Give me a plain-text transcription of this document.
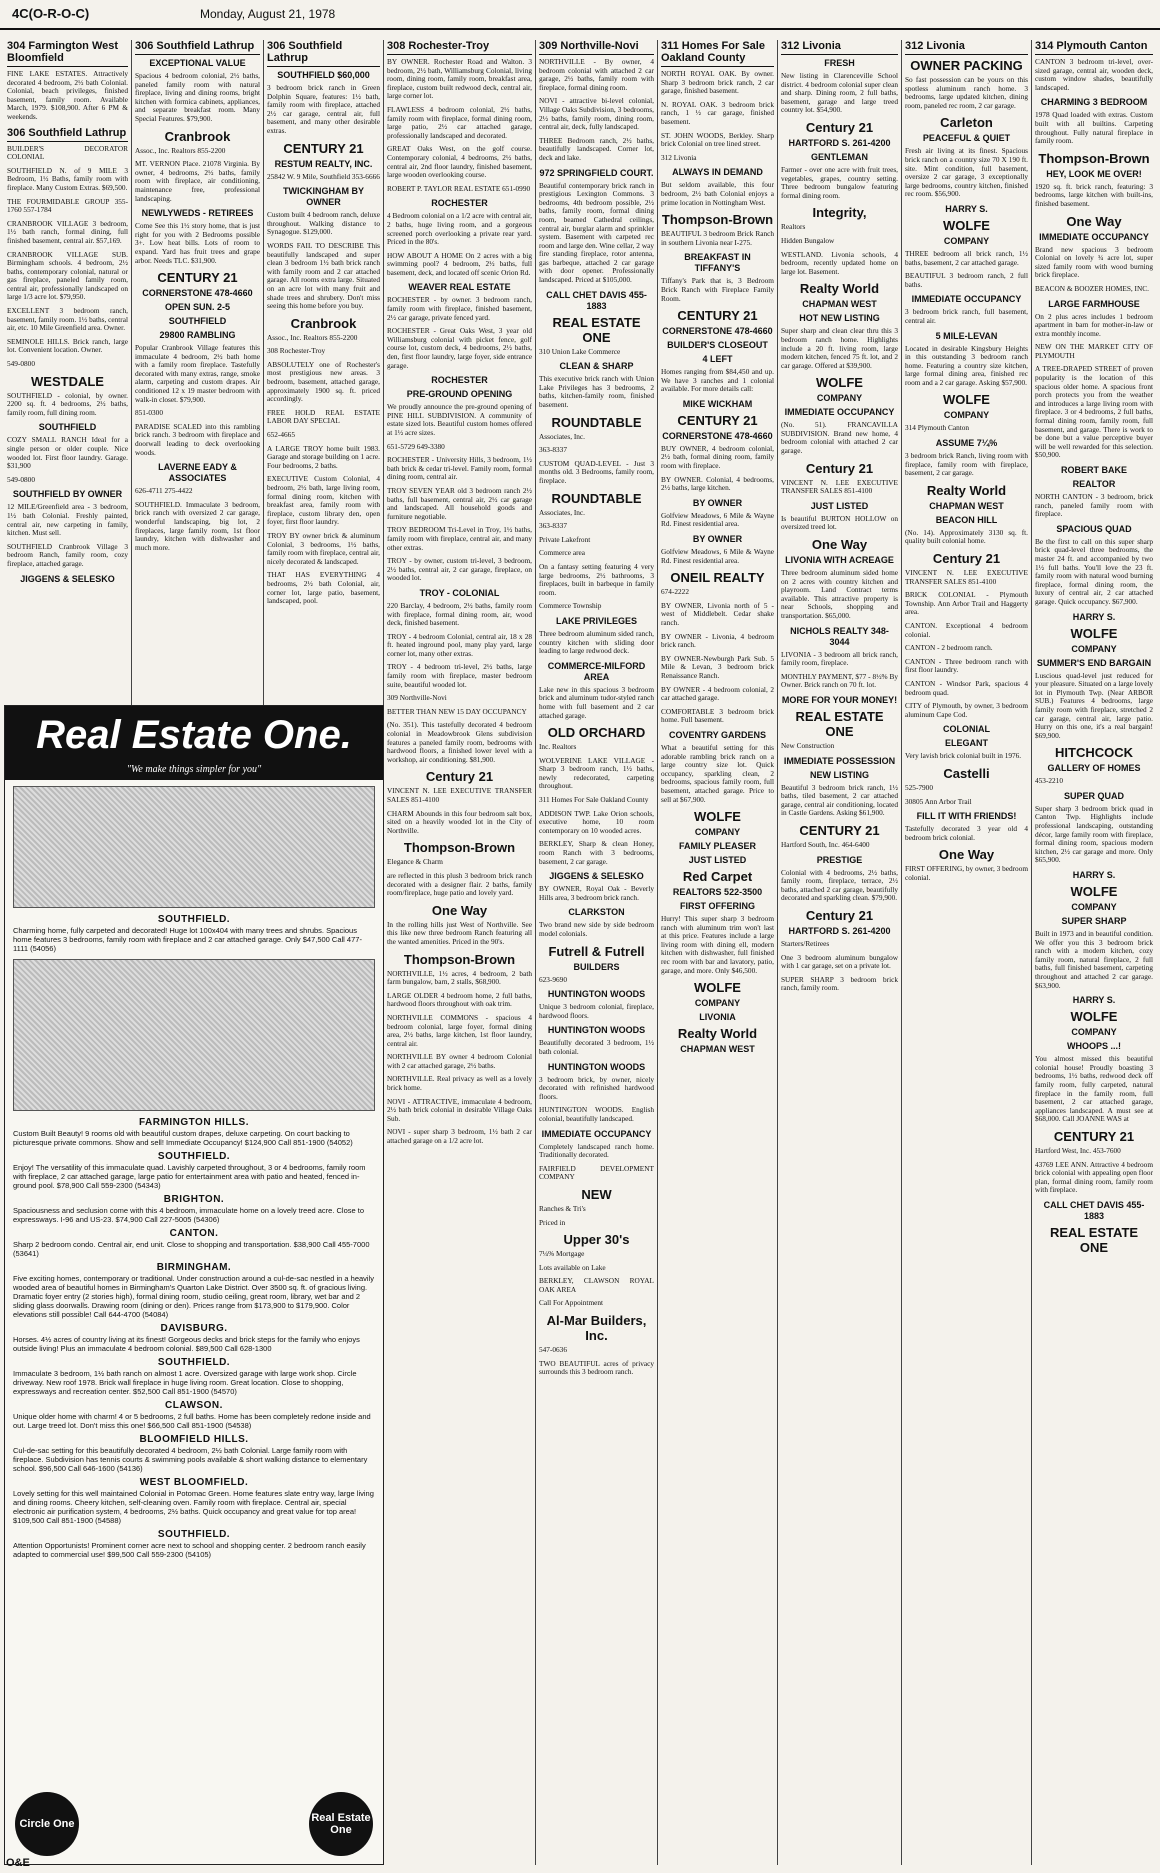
4C(O-R-O-C)	Monday, August 21, 1978
304 Farmington West Bloomfield

FINE LAKE ESTATES. Attractively decorated 4 bedroom, 2½ bath Colonial. Colonial, beach privileges, finished basement, family room. Available March, 1979. $108,900. After 6 PM & weekends.

306 Southfield Lathrup

BUILDER'S DECORATOR COLONIAL

SOUTHFIELD N. of 9 MILE 3 Bedroom, 1½ Baths, family room with fireplace. Many Custom Extras. $69,500.

THE FOURMIDABLE GROUP 355-1760 557-1784

CRANBROOK VILLAGE 3 bedroom, 1½ bath ranch, formal dining, full finished basement, central air. $57,169.

CRANBROOK VILLAGE SUB. Birmingham schools. 4 bedroom, 2½ baths, contemporary colonial, natural or gas fireplace, paneled family room, central air, professionally landscaped on large 1/3 acre lot. $79,950.

EXCELLENT 3 bedroom ranch, basement, family room. 1½ baths, central air, etc. 10 Mile Greenfield area. Owner.

SEMINOLE HILLS. Brick ranch, large lot. Convenient location. Owner.

549-0800

WESTDALE

SOUTHFIELD - colonial, by owner. 2200 sq. ft. 4 bedrooms, 2½ baths, family room, full dining room.

SOUTHFIELD

COZY SMALL RANCH Ideal for a single person or older couple. Nice wooded lot. First floor laundry. Garage. $31,900

549-0800

SOUTHFIELD BY OWNER

12 MILE/Greenfield area - 3 bedroom, 1½ bath Colonial. Freshly painted, central air, new carpeting in family, kitchen. Must sell.

SOUTHFIELD Cranbrook Village 3 bedroom Ranch, family room, cozy fireplace, attached garage.

JIGGENS & SELESKO

306 Southfield Lathrup

EXCEPTIONAL VALUE

Spacious 4 bedroom colonial, 2½ baths, paneled family room with natural fireplace, living and dining rooms, bright kitchen with formica cabinets, appliances, and separate breakfast room. Many Special Features. $79,900.

Cranbrook

Assoc., Inc. Realtors 855-2200

MT. VERNON Place. 21078 Virginia. By owner, 4 bedrooms, 2½ baths, family room with fireplace, air conditioning, maintenance free, professional landscaping.

NEWLYWEDS - RETIREES

Come See this 1½ story home, that is just right for you with 2 Bedrooms possible 3+. Low heat bills. Lots of room to expand. Yard has fruit trees and grape arbor. Needs TLC. $31,900.

CENTURY 21

CORNERSTONE 478-4660

OPEN SUN. 2-5

SOUTHFIELD

29800 RAMBLING

Popular Cranbrook Village features this immaculate 4 bedroom, 2½ bath home with a family room fireplace. Tastefully decorated with many extras, range, smoke alarm, carpeting and custom drapes. Air conditioned 12 x 19 master bedroom with walk-in closet. $79,900.

851-0300

PARADISE SCALED into this rambling brick ranch. 3 bedroom with fireplace and doorwall leading to deck overlooking woods.

LAVERNE EADY & ASSOCIATES

626-4711 275-4422

SOUTHFIELD. Immaculate 3 bedroom, brick ranch with oversized 2 car garage, wonderful landscaping, big lot, 2 fireplaces, large family room, 1st floor laundry, kitchen with dishwasher and much more.

306 Southfield Lathrup

SOUTHFIELD $60,000

3 bedroom brick ranch in Green Dolphin Square, features: 1½ bath, family room with fireplace, attached 2½ car garage, central air, full basement, and many other desirable extras.

CENTURY 21

RESTUM REALTY, INC.

25842 W. 9 Mile, Southfield 353-6666

TWICKINGHAM BY OWNER

Custom built 4 bedroom ranch, deluxe throughout. Walking distance to Synagogue. $129,000.

WORDS FAIL TO DESCRIBE This beautifully landscaped and super clean 3 bedroom 1½ bath brick ranch with family room and 2 car attached garage. All rooms extra large. Situated on an acre lot with many fruit and shade trees and shrubery. Don't miss seeing this home before you buy.

Cranbrook

Assoc., Inc. Realtors 855-2200

308 Rochester-Troy

ABSOLUTELY one of Rochester's most prestigious new areas. 3 bedroom, basement, attached garage, approximately 1900 sq. ft. priced accordingly.

FREE HOLD REAL ESTATE LABOR DAY SPECIAL

652-4665

A LARGE TROY home built 1983. Garage and storage building on 1 acre. Four bedrooms, 2 baths.

EXECUTIVE Custom Colonial, 4 bedroom, 2½ bath, large living room, formal dining room, kitchen with breakfast area, family room with fireplace, custom library den, open foyer, first floor laundry.

TROY BY owner brick & aluminum Colonial, 3 bedrooms, 1½ baths, family room with fireplace, central air, nicely decorated & landscaped.

THAT HAS EVERYTHING 4 bedrooms, 2½ bath Colonial, air, corner lot, large patio, basement, landscaped, pool.

308 Rochester-Troy

BY OWNER. Rochester Road and Walton. 3 bedroom, 2½ bath, Williamsburg Colonial, living room, dining room, family room, breakfast area, fireplace, custom built redwood deck, central air, large corner lot.

FLAWLESS 4 bedroom colonial, 2½ baths, family room with fireplace, formal dining room, large patio, 2½ car attached garage, professionally landscaped and decorated.

GREAT Oaks West, on the golf course. Contemporary colonial, 4 bedrooms, 2½ baths, central air, 2nd floor laundry, finished basement, large wooden overlooking course.

ROBERT P. TAYLOR REAL ESTATE 651-0990

ROCHESTER

4 Bedroom colonial on a 1/2 acre with central air, 2 baths, huge living room, and a gorgeous screened porch overlooking a private rear yard. Priced in the 80's.

HOW ABOUT A HOME On 2 acres with a big swimming pool? 4 bedroom, 2½ baths, full basement, deck, and located off scenic Orion Rd.

WEAVER REAL ESTATE

ROCHESTER - by owner. 3 bedroom ranch, family room with fireplace, finished basement, 2½ car garage, private fenced yard.

ROCHESTER - Great Oaks West, 3 year old Williamsburg colonial with picket fence, golf course lot, custom deck, 4 bedrooms, 2½ baths, den, first floor laundry, large foyer, side entrance garage.

ROCHESTER

PRE-GROUND OPENING

We proudly announce the pre-ground opening of PINE HILL SUBDIVISION. A community of estate sized lots. Beautiful custom homes offered at 1½ acre sizes.

651-5729 649-3380

ROCHESTER - University Hills, 3 bedroom, 1½ bath brick & cedar tri-level. Family room, formal dining room, central air.

TROY SEVEN YEAR old 3 bedroom ranch 2½ baths, full basement, central air, 2½ car garage and landscaped. All household goods and furniture negotiable.

TROY BEDROOM Tri-Level in Troy, 1½ baths, family room with fireplace, central air, and many other extras.

TROY - by owner, custom tri-level, 3 bedroom, 2½ baths, central air, 2 car garage, fireplace, on wooded lot.

TROY - COLONIAL

220 Barclay, 4 bedroom, 2½ baths, family room with fireplace, formal dining room, air, wood deck, finished basement.

TROY - 4 bedroom Colonial, central air, 18 x 28 ft. heated inground pool, many play yard, large corner lot, many other extras.

TROY - 4 bedroom tri-level, 2½ baths, large family room with fireplace, master bedroom suite, beautiful wooded lot.

309 Northville-Novi

BETTER THAN NEW 15 DAY OCCUPANCY

(No. 351). This tastefully decorated 4 bedroom colonial in Meadowbrook Glens subdivision features a paneled family room, bedrooms with hardwood floors, a finished lower level with a workshop, air conditioning. $81,900.

Century 21

VINCENT N. LEE EXECUTIVE TRANSFER SALES 851-4100

CHARM Abounds in this four bedroom salt box, sited on a heavily wooded lot in the City of Northville.

Thompson-Brown

Elegance & Charm

are reflected in this plush 3 bedroom brick ranch decorated with a designer flair. 2 baths, family room/fireplace, huge patio and lovely yard.

One Way

In the rolling hills just West of Northville. See this like new three bedroom Ranch featuring all the wanted amenities. Priced in the 90's.

Thompson-Brown

NORTHVILLE, 1½ acres, 4 bedroom, 2 bath farm bungalow, barn, 2 stalls, $68,900.

LARGE OLDER 4 bedroom home, 2 full baths, hardwood floors throughout with oak trim.

NORTHVILLE COMMONS - spacious 4 bedroom colonial, large foyer, formal dining area, 2½ baths, large kitchen, 1st floor laundry, central air.

NORTHVILLE BY owner 4 bedroom Colonial with 2 car attached garage, 2½ baths.

NORTHVILLE. Real privacy as well as a lovely brick home.

NOVI - ATTRACTIVE, immaculate 4 bedroom, 2½ bath brick colonial in desirable Village Oaks Sub.

NOVI - super sharp 3 bedroom, 1½ bath 2 car attached garage on a 1/2 acre lot.

309 Northville-Novi

NORTHVILLE - By owner, 4 bedroom colonial with attached 2 car garage, 2½ baths, family room with fireplace, formal dining room.

NOVI - attractive bi-level colonial, Village Oaks Subdivision, 3 bedrooms, 2½ baths, family room, dining room, central air, deck, fully landscaped.

THREE Bedroom ranch, 2½ baths, beautifully landscaped. Corner lot, deck and lake.

972 SPRINGFIELD COURT.

Beautiful contemporary brick ranch in prestigious Lexington Commons. 3 bedrooms, 4th bedroom possible, 2½ baths, family room, formal dining room, beamed Cathedral ceilings, central air, burglar alarm and sprinkler system. Basement with carpeted rec room and large den. Wine cellar, 2 way fire standing fireplace, rotor antenna, gas barbeque, attached 2 car garage with door opener. Professionally landscaped. Priced at $105,000.

CALL CHET DAVIS 455-1883

REAL ESTATE ONE

310 Union Lake Commerce

CLEAN & SHARP

This executive brick ranch with Union Lake Privileges has 3 bedrooms, 2 baths, kitchen-family room, finished basement.

ROUNDTABLE

Associates, Inc.

363-8337

CUSTOM QUAD-LEVEL - Just 3 months old. 3 Bedrooms, family room, fireplace.

ROUNDTABLE

Associates, Inc.

363-8337

Private Lakefront

Commerce area

On a fantasy setting featuring 4 very large bedrooms, 2½ bathrooms, 3 fireplaces, built in barbeque in family room.

Commerce Township

LAKE PRIVILEGES

Three bedroom aluminum sided ranch, country kitchen with sliding door leading to large redwood deck.

COMMERCE-MILFORD AREA

Lake new in this spacious 3 bedroom brick and aluminum tudor-styled ranch home with full basement and 2 car attached garage.

OLD ORCHARD

Inc. Realtors

WOLVERINE LAKE VILLAGE - Sharp 3 bedroom ranch, 1½ baths, newly redecorated, carpeting throughout.

311 Homes For Sale Oakland County

ADDISON TWP. Lake Orion schools, executive home, 10 room contemporary on 10 wooded acres.

BERKLEY, Sharp & clean Honey, room Ranch with 3 bedrooms, basement, 2 car garage.

JIGGENS & SELESKO

BY OWNER, Royal Oak - Beverly Hills area, 3 bedroom brick ranch.

CLARKSTON

Two brand new side by side bedroom model colonials.

Futrell & Futrell

BUILDERS

623-9690

HUNTINGTON WOODS

Unique 3 bedroom colonial, fireplace, hardwood floors.

HUNTINGTON WOODS

Beautifully decorated 3 bedroom, 1½ bath colonial.

HUNTINGTON WOODS

3 bedroom brick, by owner, nicely decorated with refinished hardwood floors.

HUNTINGTON WOODS. English colonial, beautifully landscaped.

IMMEDIATE OCCUPANCY

Completely landscaped ranch home. Traditionally decorated.

FAIRFIELD DEVELOPMENT COMPANY

NEW

Ranches & Tri's

Priced in

Upper 30's

7¼% Mortgage

Lots available on Lake

BERKLEY, CLAWSON ROYAL OAK AREA

Call For Appointment

Al-Mar Builders, Inc.

547-0636

TWO BEAUTIFUL acres of privacy surrounds this 3 bedroom ranch.

311 Homes For Sale Oakland County

NORTH ROYAL OAK. By owner. Sharp 3 bedroom brick ranch, 2 car garage, finished basement.

N. ROYAL OAK. 3 bedroom brick ranch, 1 ½ car garage, finished basement.

ST. JOHN WOODS, Berkley. Sharp brick Colonial on tree lined street.

312 Livonia

ALWAYS IN DEMAND

But seldom available, this four bedroom, 2½ bath Colonial enjoys a prime location in Nottingham West.

Thompson-Brown

BEAUTIFUL 3 bedroom Brick Ranch in southern Livonia near I-275.

BREAKFAST IN TIFFANY'S

Tiffany's Park that is, 3 Bedroom Brick Ranch with Fireplace Family Room.

CENTURY 21

CORNERSTONE 478-4660

BUILDER'S CLOSEOUT

4 LEFT

Homes ranging from $84,450 and up. We have 3 ranches and 1 colonial available. For more details call:

MIKE WICKHAM

CENTURY 21

CORNERSTONE 478-4660

BUY OWNER, 4 bedroom colonial, 2½ bath, formal dining room, family room with fireplace.

BY OWNER. Colonial, 4 bedrooms, 2½ baths, large kitchen.

BY OWNER

Golfview Meadows, 6 Mile & Wayne Rd. Finest residential area.

BY OWNER

Golfview Meadows, 6 Mile & Wayne Rd. Finest residential area.

ONEIL REALTY

674-2222

BY OWNER, Livonia north of 5 - west of Middlebelt. Cedar shake ranch.

BY OWNER - Livonia, 4 bedroom brick ranch.

BY OWNER-Newburgh Park Sub. 5 Mile & Levan, 3 bedroom brick Renaissance Ranch.

BY OWNER - 4 bedroom colonial, 2 car attached garage.

COMFORTABLE 3 bedroom brick home. Full basement.

COVENTRY GARDENS

What a beautiful setting for this adorable rambling brick ranch on a large country size lot. Quick occupancy, sparkling clean, 2 bedrooms, spacious family room, full basement, attached garage. Price to sell at $67,900.

WOLFE

COMPANY

FAMILY PLEASER

JUST LISTED

Red Carpet

REALTORS 522-3500

FIRST OFFERING

Hurry! This super sharp 3 bedroom ranch with aluminum trim won't last at this price. Features include a large living room with dining ell, modern kitchen with dishwasher, full finished rec room with bar and lavatory, patio, garage, and more. Only $46,500.

WOLFE

COMPANY

LIVONIA

Realty World

CHAPMAN WEST

312 Livonia

FRESH

New listing in Clarenceville School district. 4 bedroom colonial super clean and sharp. Dining room, 2 full baths, basement, garage and large treed country lot. $54,900.

Century 21

HARTFORD S. 261-4200

GENTLEMAN

Farmer - over one acre with fruit trees, vegetables, grapes, country setting. Three bedroom bungalow featuring formal dining room.

Integrity,

Realtors

Hidden Bungalow

WESTLAND. Livonia schools, 4 bedroom, recently updated home on large lot. Basement.

Realty World

CHAPMAN WEST

HOT NEW LISTING

Super sharp and clean clear thru this 3 bedroom ranch home. Highlights include a 20 ft. living room, large modern kitchen, fenced 75 ft. lot, and 2 car garage. Offered at $39,900.

WOLFE

COMPANY

IMMEDIATE OCCUPANCY

(No. 51). FRANCAVILLA SUBDIVISION. Brand new home, 4 bedroom colonial with attached 2 car garage.

Century 21

VINCENT N. LEE EXECUTIVE TRANSFER SALES 851-4100

JUST LISTED

Is beautiful BURTON HOLLOW on oversized treed lot.

One Way

LIVONIA WITH ACREAGE

Three bedroom aluminum sided home on 2 acres with country kitchen and playroom. Land Contract terms available. This attractive property is near Schools, shopping and transportation. $65,000.

NICHOLS REALTY 348-3044

LIVONIA - 3 bedroom all brick ranch, family room, fireplace.

MONTHLY PAYMENT, $77 - 8½% By Owner. Brick ranch on 70 ft. lot.

MORE FOR YOUR MONEY!

REAL ESTATE ONE

New Construction

IMMEDIATE POSSESSION

NEW LISTING

Beautiful 3 bedroom brick ranch, 1½ baths, tiled basement, 2 car attached garage, central air conditioning, located in Castle Gardens. Asking $61,900.

CENTURY 21

Hartford South, Inc. 464-6400

PRESTIGE

Colonial with 4 bedrooms, 2½ baths, family room, fireplace, terrace, 2½ baths, attached 2 car garage, beautifully decorated and sparkling clean. $79,900.

Century 21

HARTFORD S. 261-4200

Starters/Retirees

One 3 bedroom aluminum bungalow with 1 car garage, set on a private lot.

SUPER SHARP 3 bedroom brick ranch, family room.

312 Livonia

OWNER PACKING

So fast possession can be yours on this spotless aluminum ranch home. 3 bedrooms, large updated kitchen, dining room, paneled rec room, 2 car garage.

Carleton

PEACEFUL & QUIET

Fresh air living at its finest. Spacious brick ranch on a country size 70 X 190 ft. site. Mint condition, full basement, oversize 2 car garage, 3 exceptionally large bedrooms, country kitchen, finished rec room. $56,900.

HARRY S.

WOLFE

COMPANY

THREE bedroom all brick ranch, 1½ baths, basement, 2 car attached garage.

BEAUTIFUL 3 bedroom ranch, 2 full baths.

IMMEDIATE OCCUPANCY

3 bedroom brick ranch, full basement, central air.

5 MILE-LEVAN

Located in desirable Kingsbury Heights in this outstanding 3 bedroom ranch home. Featuring a country size kitchen, large formal dining area, finished rec room and a 2 car garage. Asking $57,900.

WOLFE

COMPANY

314 Plymouth Canton

ASSUME 7¼%

3 bedroom brick Ranch, living room with fireplace, family room with fireplace, basement, 2 car garage.

Realty World

CHAPMAN WEST

BEACON HILL

(No. 14). Approximately 3130 sq. ft. quality built colonial home.

Century 21

VINCENT N. LEE EXECUTIVE TRANSFER SALES 851-4100

BRICK COLONIAL - Plymouth Township. Ann Arbor Trail and Haggerty area.

CANTON. Exceptional 4 bedroom colonial.

CANTON - 2 bedroom ranch.

CANTON - Three bedroom ranch with first floor laundry.

CANTON - Windsor Park, spacious 4 bedroom quad.

CITY of Plymouth, by owner, 3 bedroom aluminum Cape Cod.

COLONIAL

ELEGANT

Very lavish brick colonial built in 1976.

Castelli

525-7900

30805 Ann Arbor Trail

FILL IT WITH FRIENDS!

Tastefully decorated 3 year old 4 bedroom brick colonial.

One Way

FIRST OFFERING, by owner, 3 bedroom colonial.

314 Plymouth Canton

CANTON 3 bedroom tri-level, over-sized garage, central air, wooden deck, custom window shades, beautifully landscaped.

CHARMING 3 BEDROOM

1978 Quad loaded with extras. Custom built with all builtins. Carpeting throughout. Fully natural fireplace in family room.

Thompson-Brown

HEY, LOOK ME OVER!

1920 sq. ft. brick ranch, featuring: 3 bedrooms, large kitchen with built-ins, finished basement.

One Way

IMMEDIATE OCCUPANCY

Brand new spacious 3 bedroom Colonial on lovely ¾ acre lot, super sized family room with wood burning brick fireplace.

BEACON & BOOZER HOMES, INC.

LARGE FARMHOUSE

On 2 plus acres includes 1 bedroom apartment in barn for mother-in-law or extra monthly income.

NEW ON THE MARKET CITY OF PLYMOUTH

A TREE-DRAPED STREET of proven popularity is the location of this spacious older home. A spacious front porch protects you from the weather and introduces a large living room with fireplace. 3 or 4 bedrooms, 2 full baths, formal dining room, family room, full basement, and garage. There is work to be done but a value perceptive buyer will be well rewarded for this selection. $50,900.

ROBERT BAKE

REALTOR

NORTH CANTON - 3 bedroom, brick ranch, paneled family room with fireplace.

SPACIOUS QUAD

Be the first to call on this super sharp brick quad-level three bedrooms, the master 24 ft. and accompanied by two 1½ full baths. You'll love the 23 ft. family room with natural wood burning fireplace, formal dining room, the luxury of central air, 2 car attached garage. Quick occupancy. $67,900.

HARRY S.

WOLFE

COMPANY

SUMMER'S END BARGAIN

Luscious quad-level just reduced for your pleasure. Situated on a large lovely lot in Plymouth Twp. (Near ARBOR SUB.) Features 4 bedrooms, large family room with fireplace, stretched 2 car garage, central air, large patio. Hurry on this one, it's a real bargain! $69,900.

HITCHCOCK

GALLERY OF HOMES

453-2210

SUPER QUAD

Super sharp 3 bedroom brick quad in Canton Twp. Highlights include professional landscaping, outstanding décor, large family room with fireplace, formal dining room, spacious modern kitchen, 2½ car garage and more. Only $65,900.

HARRY S.

WOLFE

COMPANY

SUPER SHARP

Built in 1973 and in beautiful condition. We offer you this 3 bedroom brick ranch with a modern kitchen, cozy family room, natural fireplace, 2 full baths, full finished basement, carpeting throughout and attached 2 car garage. $63,900.

HARRY S.

WOLFE

COMPANY

WHOOPS ...!

You almost missed this beautiful colonial house! Proudly boasting 3 bedrooms, 1½ baths, redwood deck off family room, fully carpeted, natural fireplace in the family room, full basement, 2 car attached garage, appliances landscaped. A must see at $68,000. Call JOANNE WAS at

CENTURY 21

Hartford West, Inc. 453-7600

43769 LEE ANN. Attractive 4 bedroom brick colonial with appealing open floor plan, formal dining room, family room with fireplace.

CALL CHET DAVIS 455-1883

REAL ESTATE ONE

Real Estate One.
"We make things simpler for you"
SOUTHFIELD.

Charming home, fully carpeted and decorated! Huge lot 100x404 with many trees and shrubs. Spacious home features 3 bedrooms, family room with fireplace and 2 car attached garage. Only $47,500 Call 477-1111 (54056)

FARMINGTON HILLS.

Custom Built Beauty! 9 rooms old with beautiful custom drapes, deluxe carpeting. On court backing to picturesque private commons. Show and sell! Immediate Occupancy! $124,900 Call 851-1900 (54052)

SOUTHFIELD.

Enjoy! The versatility of this immaculate quad. Lavishly carpeted throughout, 3 or 4 bedrooms, family room with fireplace, 2 car attached garage, large patio for entertainment area with patio and heated, fenced in-ground pool. $78,900 Call 559-2300 (54343)

BRIGHTON.

Spaciousness and seclusion come with this 4 bedroom, immaculate home on a lovely treed acre. Close to expressways. I-96 and US-23. $74,900 Call 227-5005 (54306)

CANTON.

Sharp 2 bedroom condo. Central air, end unit. Close to shopping and transportation. $38,900 Call 455-7000 (53641)

BIRMINGHAM.

Five exciting homes, contemporary or traditional. Under construction around a cul-de-sac nestled in a heavily wooded area of beautiful homes in Birmingham's Quarton Lake District. Over 3500 sq. ft. of gracious living. Dramatic foyer entry (2 stories high), formal dining room, studio ceiling, great room, library, wet bar and 2 sliding glass doorwalls. Drawing room (dining or den). Prices range from $173,900 to $179,900. Color elevations still possible! Call 644-4700 (54084)

DAVISBURG.

Horses. 4½ acres of country living at its finest! Gorgeous decks and brick steps for the family who enjoys outside living! Plus an immaculate 4 bedroom colonial. $89,500 Call 628-1300

SOUTHFIELD.

Immaculate 3 bedroom, 1½ bath ranch on almost 1 acre. Oversized garage with large work shop. Circle driveway. New roof 1978. Brick wall fireplace in huge living room. Great location. Close to shopping, expressways and recreation center. $52,500 Call 851-1900 (54570)

CLAWSON.

Unique older home with charm! 4 or 5 bedrooms, 2 full baths. Home has been completely redone inside and out. Large treed lot. Don't miss this one! $66,500 Call 851-1900 (54538)

BLOOMFIELD HILLS.

Cul-de-sac setting for this beautifully decorated 4 bedroom, 2½ bath Colonial. Large family room with fireplace. Subdivision has tennis courts & swimming pools available & short walking distance to elementary school. $96,500 Call 646-1600 (54136)

WEST BLOOMFIELD.

Lovely setting for this well maintained Colonial in Potomac Green. Home features slate entry way, large living and dining rooms. Cheery kitchen, self-cleaning oven. Family room with fireplace. Central air, special electronic air purification system, 4 bedrooms, 2½ baths. Quick occupancy and great value for top area! $109,500 Call 851-1900 (54588)

SOUTHFIELD.

Attention Opportunists! Prominent corner acre next to school and shopping center. 2 bedroom ranch easily adapted to commercial use! $99,500 Call 559-2300 (54105)

Circle One	Real Estate One
O&E
